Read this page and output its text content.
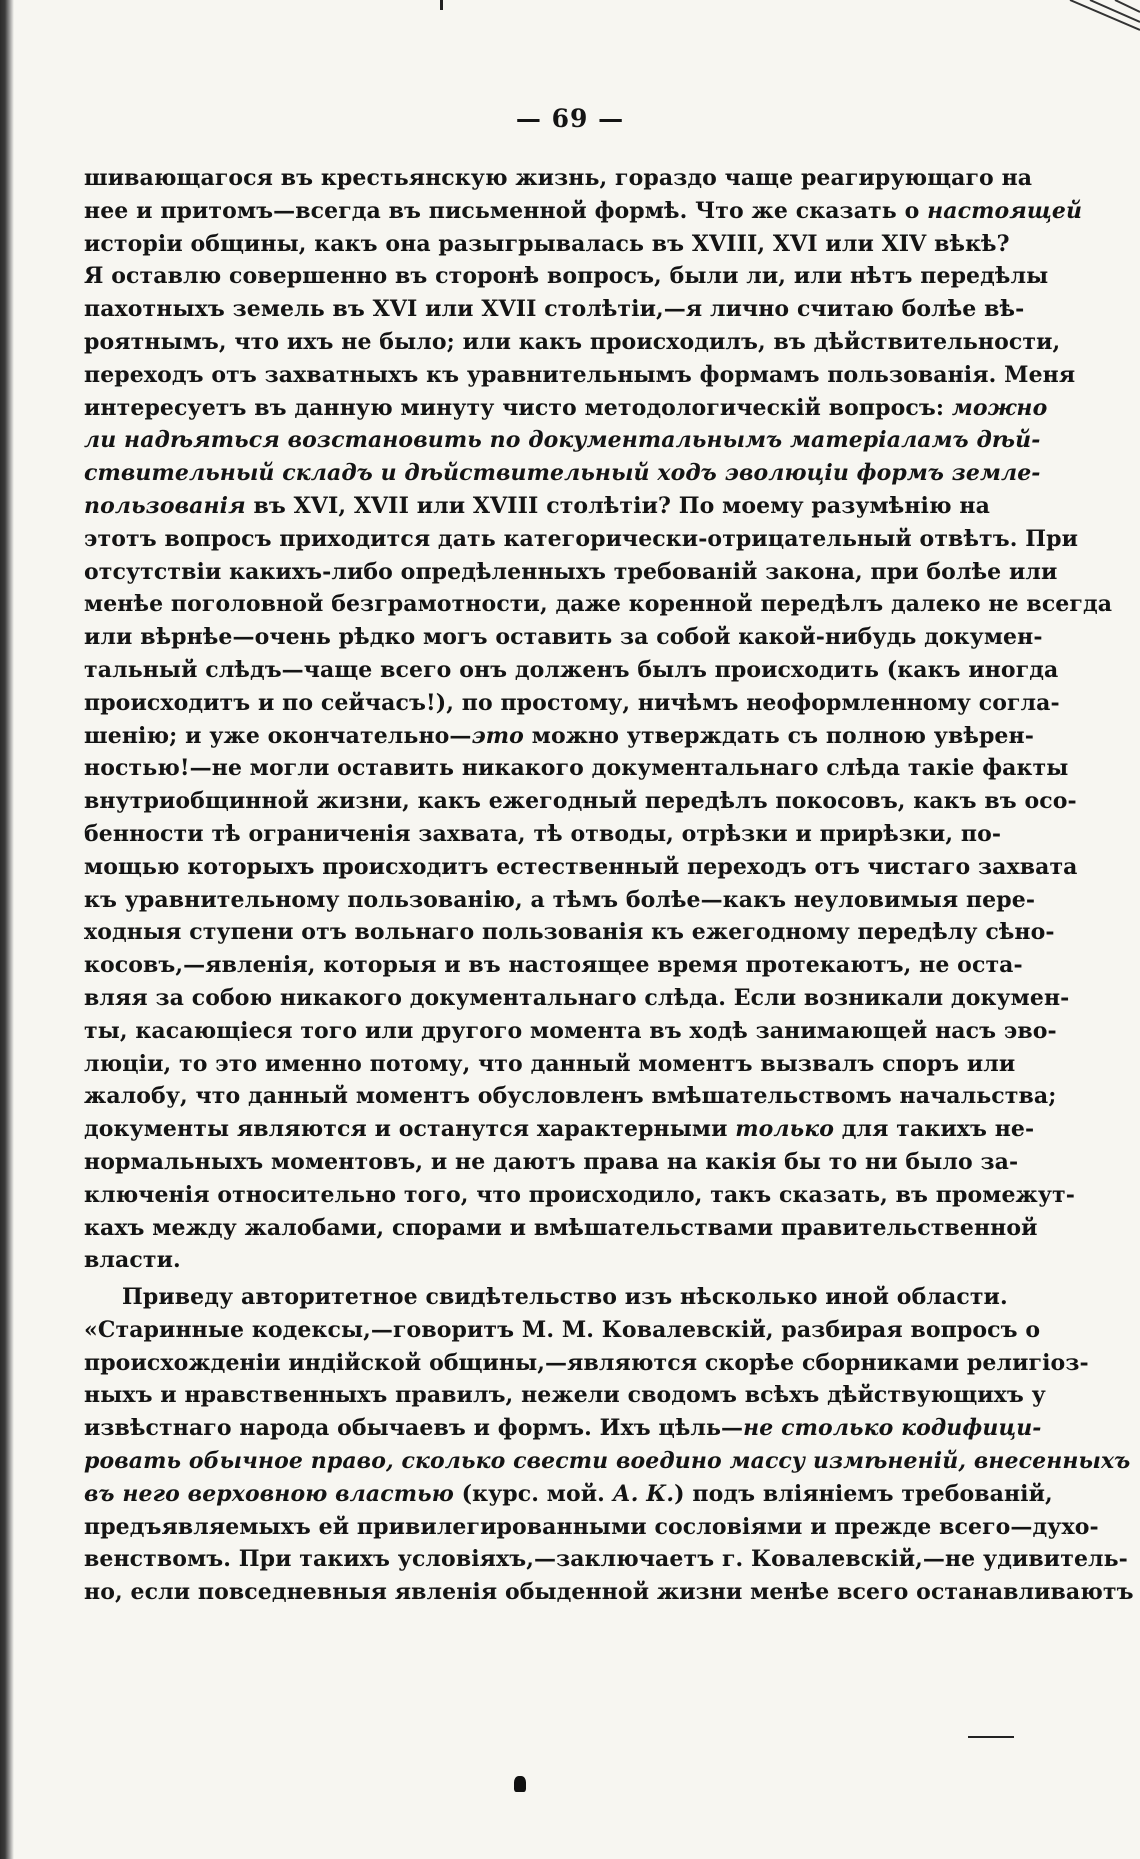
— 69 —
шивающагося въ крестьянскую жизнь, гораздо чаще реагирующаго на
нее и притомъ—всегда въ письменной формѣ. Что же сказать о настоящей
исторіи общины, какъ она разыгрывалась въ XVIII, XVI или XIV вѣкѣ?
Я оставлю совершенно въ сторонѣ вопросъ, были ли, или нѣтъ передѣлы
пахотныхъ земель въ XVI или XVII столѣтіи,—я лично считаю болѣе вѣ-
роятнымъ, что ихъ не было; или какъ происходилъ, въ дѣйствительности,
переходъ отъ захватныхъ къ уравнительнымъ формамъ пользованія. Меня
интересуетъ въ данную минуту чисто методологическій вопросъ: можно
ли надѣяться возстановить по документальнымъ матеріаламъ дѣй-
ствительный складъ и дѣйствительный ходъ эволюціи формъ земле-
пользованія въ XVI, XVII или XVIII столѣтіи? По моему разумѣнію на
этотъ вопросъ приходится дать категорически-отрицательный отвѣтъ. При
отсутствіи какихъ-либо опредѣленныхъ требованій закона, при болѣе или
менѣе поголовной безграмотности, даже коренной передѣлъ далеко не всегда
или вѣрнѣе—очень рѣдко могъ оставить за собой какой-нибудь докумен-
тальный слѣдъ—чаще всего онъ долженъ былъ происходить (какъ иногда
происходитъ и по сейчасъ!), по простому, ничѣмъ неоформленному согла-
шенію; и уже окончательно—это можно утверждать съ полною увѣрен-
ностью!—не могли оставить никакого документальнаго слѣда такіе факты
внутриобщинной жизни, какъ ежегодный передѣлъ покосовъ, какъ въ осо-
бенности тѣ ограниченія захвата, тѣ отводы, отрѣзки и прирѣзки, по-
мощью которыхъ происходитъ естественный переходъ отъ чистаго захвата
къ уравнительному пользованію, а тѣмъ болѣе—какъ неуловимыя пере-
ходныя ступени отъ вольнаго пользованія къ ежегодному передѣлу сѣно-
косовъ,—явленія, которыя и въ настоящее время протекаютъ, не оста-
вляя за собою никакого документальнаго слѣда. Если возникали докумен-
ты, касающіеся того или другого момента въ ходѣ занимающей насъ эво-
люціи, то это именно потому, что данный моментъ вызвалъ споръ или
жалобу, что данный моментъ обусловленъ вмѣшательствомъ начальства;
документы являются и останутся характерными только для такихъ не-
нормальныхъ моментовъ, и не даютъ права на какія бы то ни было за-
ключенія относительно того, что происходило, такъ сказать, въ промежут-
кахъ между жалобами, спорами и вмѣшательствами правительственной
власти.
Приведу авторитетное свидѣтельство изъ нѣсколько иной области.
«Старинные кодексы,—говоритъ М. М. Ковалевскій, разбирая вопросъ о
происхожденіи индійской общины,—являются скорѣе сборниками религіоз-
ныхъ и нравственныхъ правилъ, нежели сводомъ всѣхъ дѣйствующихъ у
извѣстнаго народа обычаевъ и формъ. Ихъ цѣль—не столько кодифици-
ровать обычное право, сколько свести воедино массу измѣненій, внесенныхъ
въ него верховною властью (курс. мой. А. К.) подъ вліяніемъ требованій,
предъявляемыхъ ей привилегированными сословіями и прежде всего—духо-
венствомъ. При такихъ условіяхъ,—заключаетъ г. Ковалевскій,—не удивитель-
но, если повседневныя явленія обыденной жизни менѣе всего останавливаютъ
